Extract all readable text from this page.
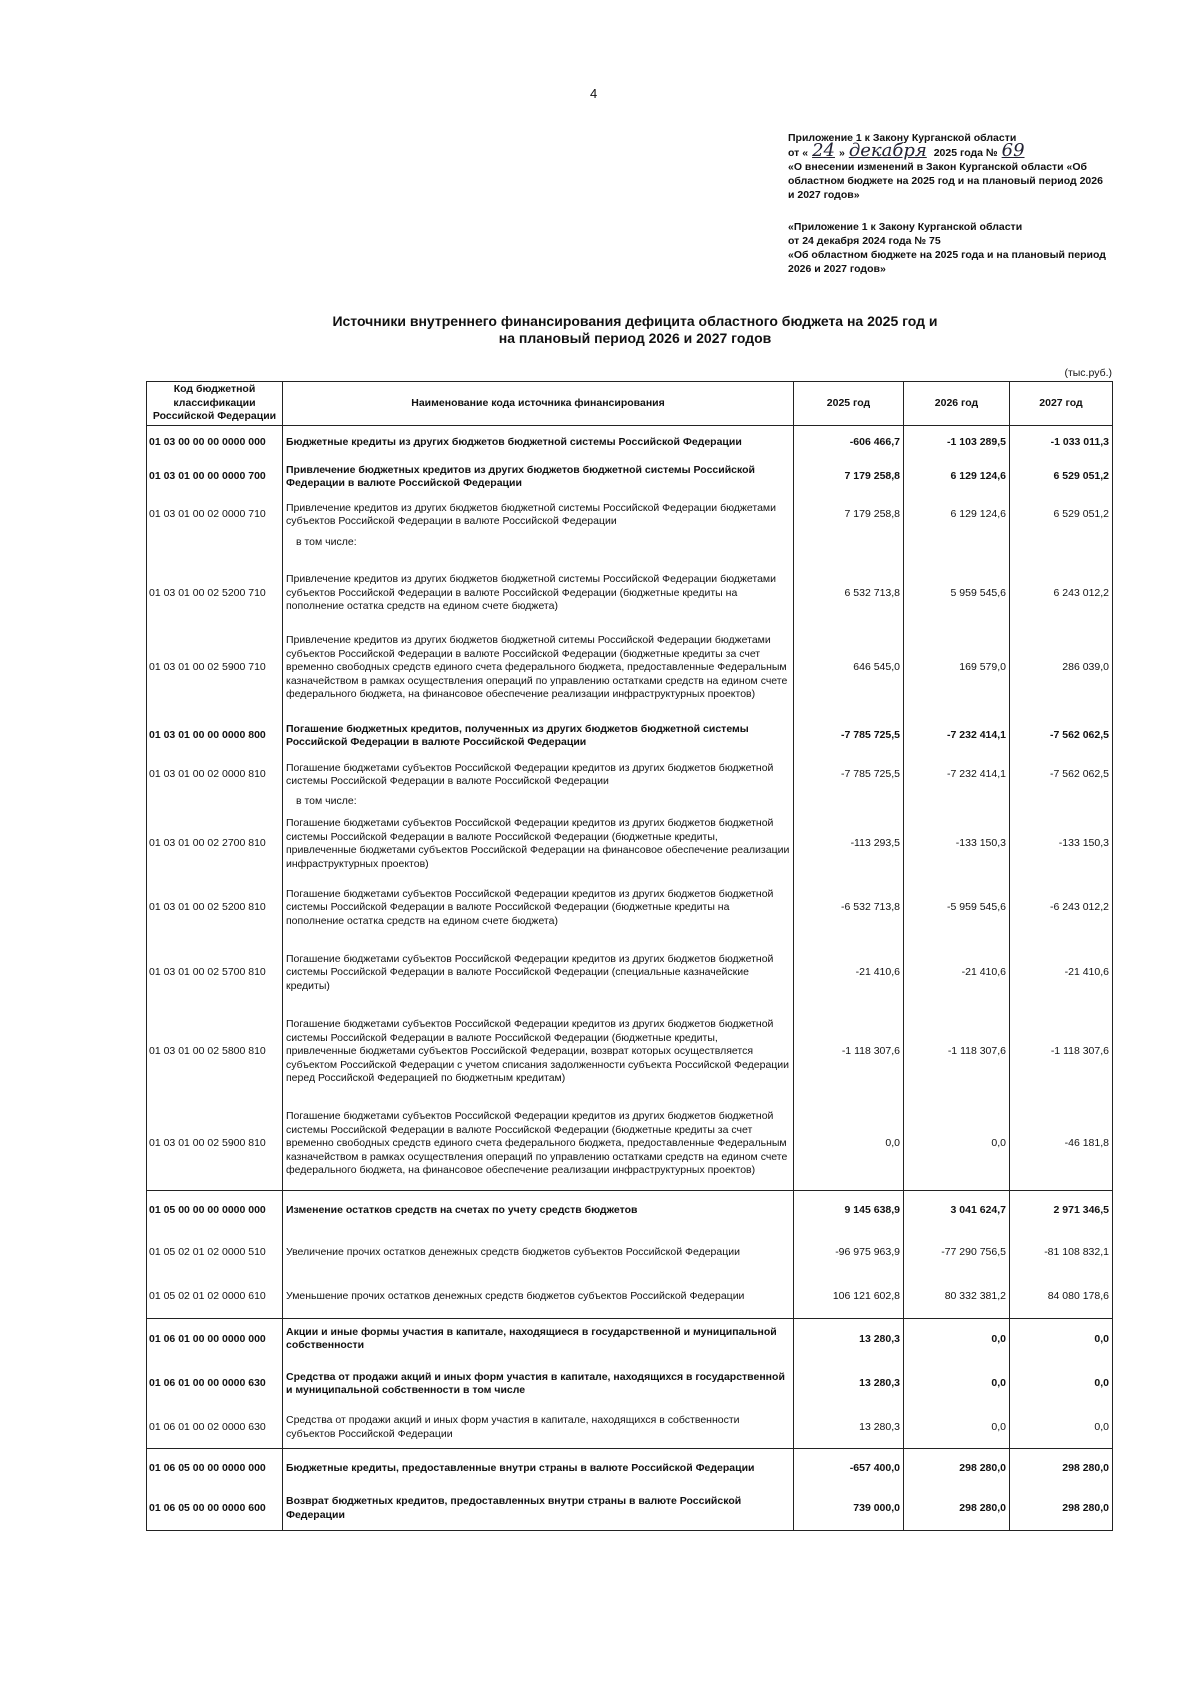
4
Приложение 1 к Закону Курганской области
от « 24 » декабря 2025 года № 69
«О внесении изменений в Закон Курганской области «Об областном бюджете на 2025 год и на плановый период 2026 и 2027 годов»
«Приложение 1 к Закону Курганской области
от 24 декабря 2024 года № 75
«Об областном бюджете на 2025 года и на плановый период 2026 и 2027 годов»
Источники внутреннего финансирования дефицита областного бюджета на 2025 год и
на плановый период 2026 и 2027 годов
(тыс.руб.)
Код бюджетной классификации Российской Федерации	Наименование кода источника финансирования	2025 год	2026 год	2027 год
01 03 00 00 00 0000 000	Бюджетные кредиты из других бюджетов бюджетной системы Российской Федерации	-606 466,7	-1 103 289,5	-1 033 011,3
01 03 01 00 00 0000 700	Привлечение бюджетных кредитов из других бюджетов бюджетной системы Российской Федерации в валюте Российской Федерации	7 179 258,8	6 129 124,6	6 529 051,2
01 03 01 00 02 0000 710	Привлечение кредитов из других бюджетов бюджетной системы Российской Федерации бюджетами субъектов Российской Федерации в валюте Российской Федерации	7 179 258,8	6 129 124,6	6 529 051,2
	в том числе:			
01 03 01 00 02 5200 710	Привлечение кредитов из других бюджетов бюджетной системы Российской Федерации бюджетами субъектов Российской Федерации в валюте Российской Федерации (бюджетные кредиты на пополнение остатка средств на едином счете бюджета)	6 532 713,8	5 959 545,6	6 243 012,2
01 03 01 00 02 5900 710	Привлечение кредитов из других бюджетов бюджетной ситемы Российской Федерации бюджетами субъектов Российской Федерации в валюте Российской Федерации (бюджетные кредиты за счет временно свободных средств единого счета федерального бюджета, предоставленные Федеральным казначейством в рамках осуществления операций по управлению остатками средств на едином счете федерального бюджета, на финансовое обеспечение реализации инфраструктурных проектов)	646 545,0	169 579,0	286 039,0
01 03 01 00 00 0000 800	Погашение бюджетных кредитов, полученных из других бюджетов бюджетной системы Российской Федерации в валюте Российской Федерации	-7 785 725,5	-7 232 414,1	-7 562 062,5
01 03 01 00 02 0000 810	Погашение бюджетами субъектов Российской Федерации кредитов из других бюджетов бюджетной системы Российской Федерации в валюте Российской Федерации	-7 785 725,5	-7 232 414,1	-7 562 062,5
	в том числе:			
01 03 01 00 02 2700 810	Погашение бюджетами субъектов Российской Федерации кредитов из других бюджетов бюджетной системы Российской Федерации в валюте Российской Федерации (бюджетные кредиты, привлеченные бюджетами субъектов Российской Федерации на финансовое обеспечение реализации инфраструктурных проектов)	-113 293,5	-133 150,3	-133 150,3
01 03 01 00 02 5200 810	Погашение бюджетами субъектов Российской Федерации кредитов из других бюджетов бюджетной системы Российской Федерации в валюте Российской Федерации (бюджетные кредиты на пополнение остатка средств на едином счете бюджета)	-6 532 713,8	-5 959 545,6	-6 243 012,2
01 03 01 00 02 5700 810	Погашение бюджетами субъектов Российской Федерации кредитов из других бюджетов бюджетной системы Российской Федерации в валюте Российской Федерации (специальные казначейские кредиты)	-21 410,6	-21 410,6	-21 410,6
01 03 01 00 02 5800 810	Погашение бюджетами субъектов Российской Федерации кредитов из других бюджетов бюджетной системы Российской Федерации в валюте Российской Федерации (бюджетные кредиты, привлеченные бюджетами субъектов Российской Федерации, возврат которых осуществляется субъектом Российской Федерации с учетом списания задолженности субъекта Российской Федерации перед Российской Федерацией по бюджетным кредитам)	-1 118 307,6	-1 118 307,6	-1 118 307,6
01 03 01 00 02 5900 810	Погашение бюджетами субъектов Российской Федерации кредитов из других бюджетов бюджетной системы Российской Федерации в валюте Российской Федерации (бюджетные кредиты за счет временно свободных средств единого счета федерального бюджета, предоставленные Федеральным казначейством в рамках осуществления операций по управлению остатками средств на едином счете федерального бюджета, на финансовое обеспечение реализации инфраструктурных проектов)	0,0	0,0	-46 181,8
01 05 00 00 00 0000 000	Изменение остатков средств на счетах по учету средств бюджетов	9 145 638,9	3 041 624,7	2 971 346,5
01 05 02 01 02 0000 510	Увеличение прочих остатков денежных средств бюджетов субъектов Российской Федерации	-96 975 963,9	-77 290 756,5	-81 108 832,1
01 05 02 01 02 0000 610	Уменьшение прочих остатков денежных средств бюджетов субъектов Российской Федерации	106 121 602,8	80 332 381,2	84 080 178,6
01 06 01 00 00 0000 000	Акции и иные формы участия в капитале, находящиеся в государственной и муниципальной собственности	13 280,3	0,0	0,0
01 06 01 00 00 0000 630	Средства от продажи акций и иных форм участия в капитале, находящихся в государственной и муниципальной собственности в том числе	13 280,3	0,0	0,0
01 06 01 00 02 0000 630	Средства от продажи акций и иных форм участия в капитале, находящихся в собственности субъектов Российской Федерации	13 280,3	0,0	0,0
01 06 05 00 00 0000 000	Бюджетные кредиты, предоставленные внутри страны в валюте Российской Федерации	-657 400,0	298 280,0	298 280,0
01 06 05 00 00 0000 600	Возврат бюджетных кредитов, предоставленных внутри страны в валюте Российской Федерации	739 000,0	298 280,0	298 280,0
